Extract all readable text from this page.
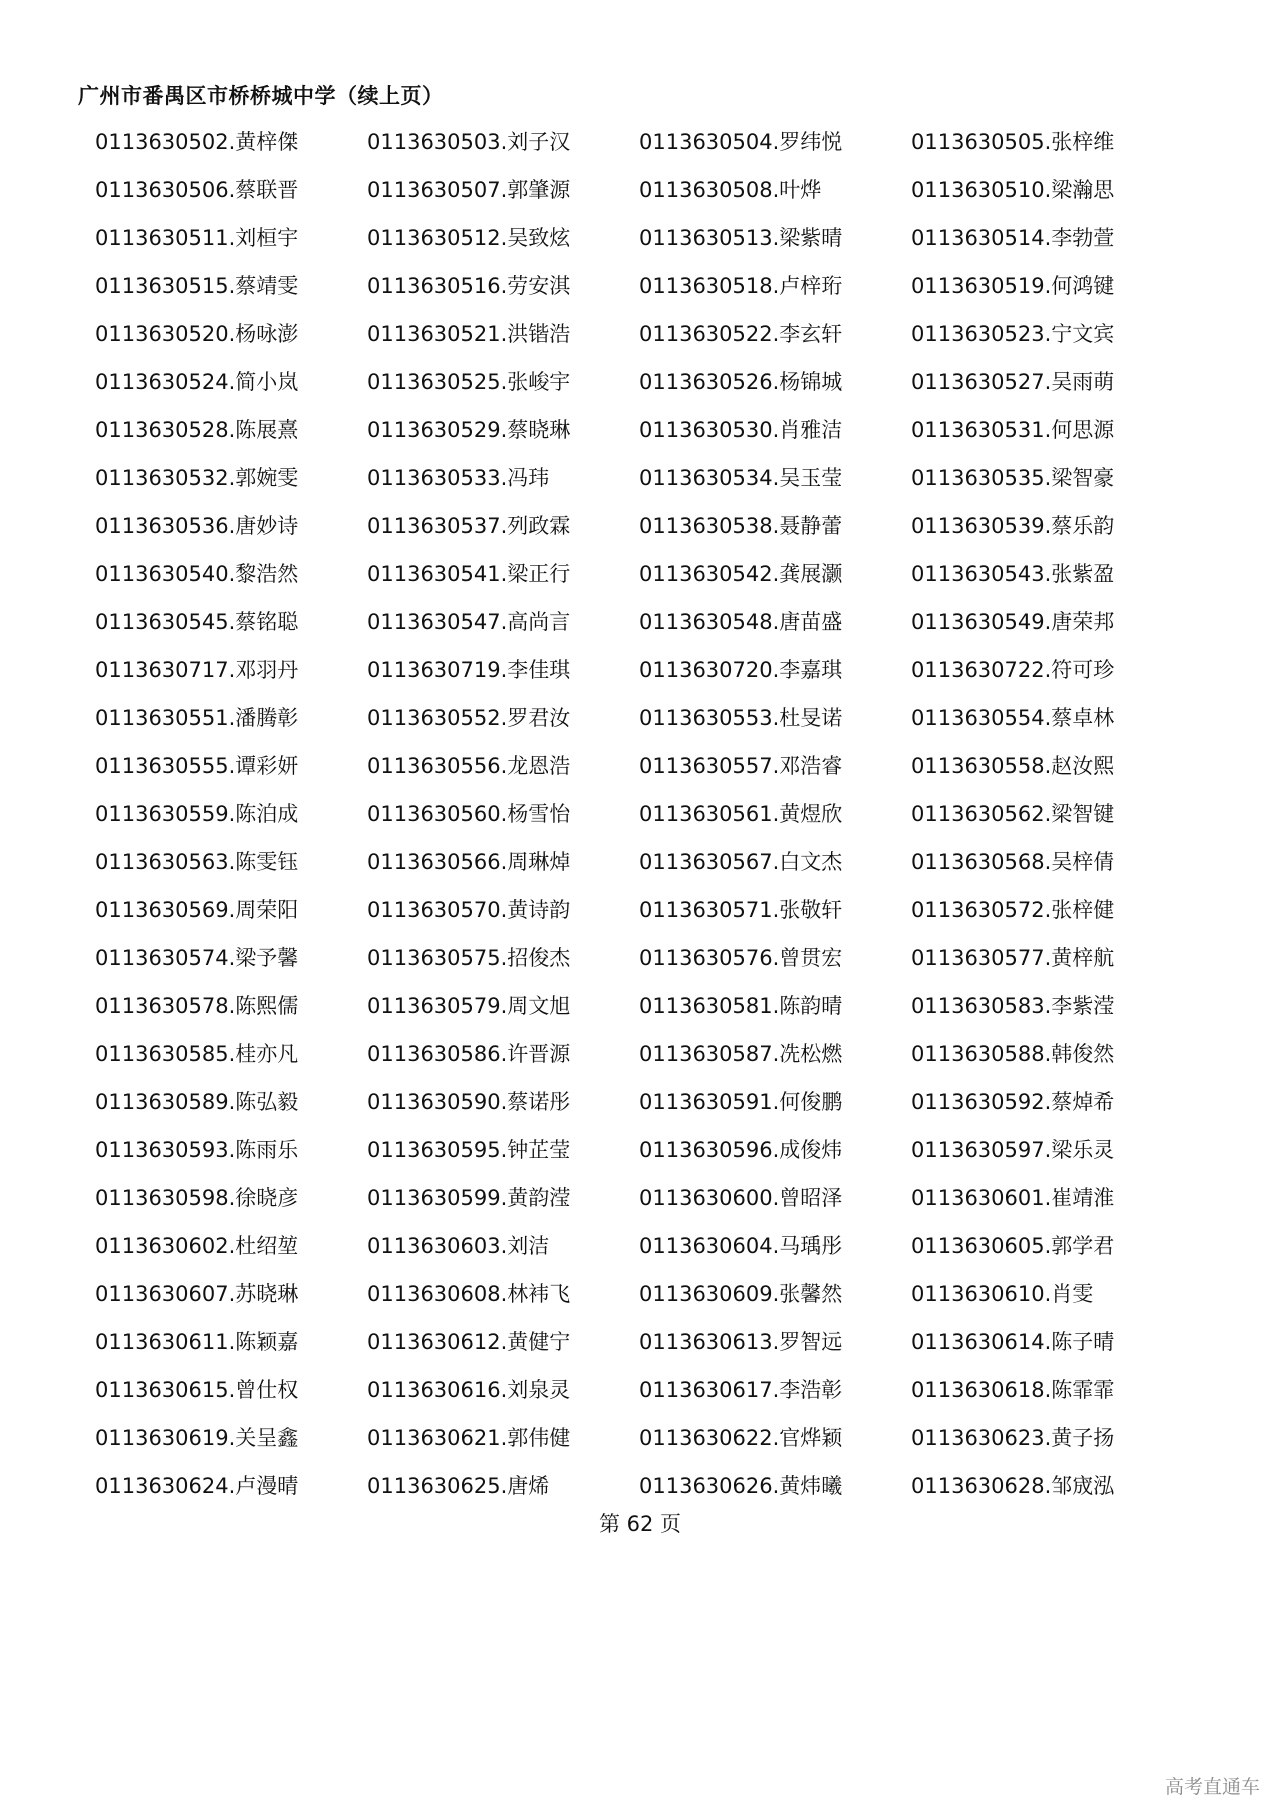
广州市番禺区市桥桥城中学（续上页）
0113630502.黄梓傑	0113630503.刘子汉	0113630504.罗纬悦	0113630505.张梓维
0113630506.蔡联晋	0113630507.郭肇源	0113630508.叶烨	0113630510.梁瀚思
0113630511.刘桓宇	0113630512.吴致炫	0113630513.梁紫晴	0113630514.李勃萱
0113630515.蔡靖雯	0113630516.劳安淇	0113630518.卢梓珩	0113630519.何鸿键
0113630520.杨咏澎	0113630521.洪锴浩	0113630522.李玄轩	0113630523.宁文宾
0113630524.简小岚	0113630525.张峻宇	0113630526.杨锦城	0113630527.吴雨萌
0113630528.陈展熹	0113630529.蔡晓琳	0113630530.肖雅洁	0113630531.何思源
0113630532.郭婉雯	0113630533.冯玮	0113630534.吴玉莹	0113630535.梁智豪
0113630536.唐妙诗	0113630537.列政霖	0113630538.聂静蕾	0113630539.蔡乐韵
0113630540.黎浩然	0113630541.梁正行	0113630542.龚展灏	0113630543.张紫盈
0113630545.蔡铭聪	0113630547.高尚言	0113630548.唐苗盛	0113630549.唐荣邦
0113630717.邓羽丹	0113630719.李佳琪	0113630720.李嘉琪	0113630722.符可珍
0113630551.潘腾彰	0113630552.罗君汝	0113630553.杜旻诺	0113630554.蔡卓林
0113630555.谭彩妍	0113630556.龙恩浩	0113630557.邓浩睿	0113630558.赵汝熙
0113630559.陈泊成	0113630560.杨雪怡	0113630561.黄煜欣	0113630562.梁智键
0113630563.陈雯钰	0113630566.周琳焯	0113630567.白文杰	0113630568.吴梓倩
0113630569.周荣阳	0113630570.黄诗韵	0113630571.张敬轩	0113630572.张梓健
0113630574.梁予馨	0113630575.招俊杰	0113630576.曾贯宏	0113630577.黄梓航
0113630578.陈熙儒	0113630579.周文旭	0113630581.陈韵晴	0113630583.李紫滢
0113630585.桂亦凡	0113630586.许晋源	0113630587.冼松燃	0113630588.韩俊然
0113630589.陈弘毅	0113630590.蔡诺彤	0113630591.何俊鹏	0113630592.蔡焯希
0113630593.陈雨乐	0113630595.钟芷莹	0113630596.成俊炜	0113630597.梁乐灵
0113630598.徐晓彦	0113630599.黄韵滢	0113630600.曾昭泽	0113630601.崔靖淮
0113630602.杜绍堃	0113630603.刘洁	0113630604.马瑀彤	0113630605.郭学君
0113630607.苏晓琳	0113630608.林袆飞	0113630609.张馨然	0113630610.肖雯
0113630611.陈颖嘉	0113630612.黄健宁	0113630613.罗智远	0113630614.陈子晴
0113630615.曾仕权	0113630616.刘泉灵	0113630617.李浩彰	0113630618.陈霏霏
0113630619.关呈鑫	0113630621.郭伟健	0113630622.官烨颖	0113630623.黄子扬
0113630624.卢漫晴	0113630625.唐烯	0113630626.黄炜曦	0113630628.邹宬泓
第 62 页
高考直通车
